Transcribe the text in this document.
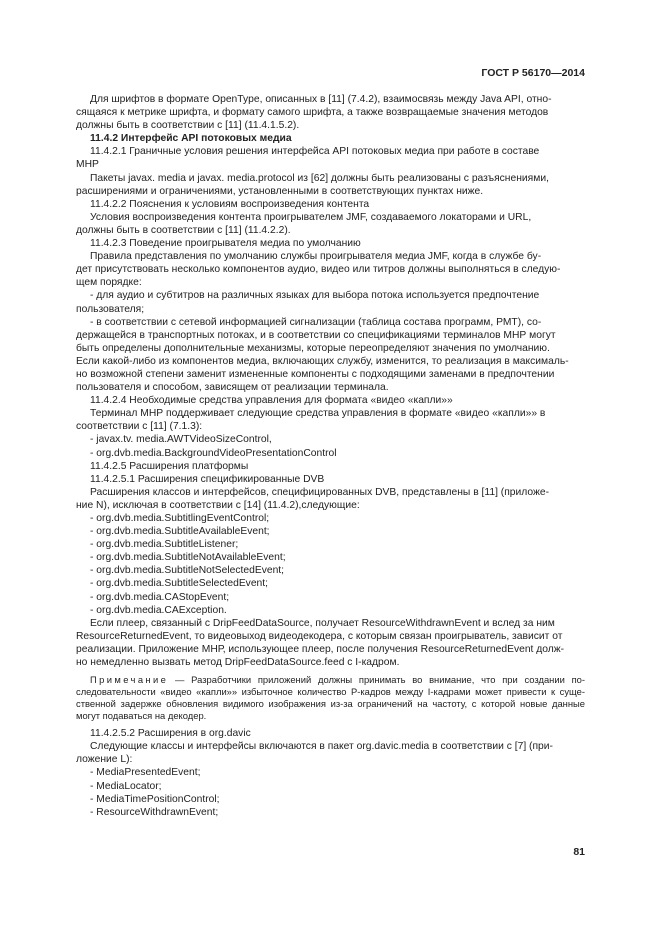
ГОСТ Р 56170—2014
Для шрифтов в формате OpenType, описанных в [11] (7.4.2), взаимосвязь между Java API, отно-
сящаяся к метрике шрифта, и формату самого шрифта, а также возвращаемые значения методов
должны быть в соответствии с [11] (11.4.1.5.2).
11.4.2 Интерфейс API потоковых медиа
11.4.2.1 Граничные условия решения интерфейса API потоковых медиа при работе в составе
МНР
Пакеты javax. media и javax. media.protocol из [62] должны быть реализованы с разъяснениями,
расширениями и ограничениями, установленными в соответствующих пунктах ниже.
11.4.2.2 Пояснения к условиям воспроизведения контента
Условия воспроизведения контента проигрывателем JMF, создаваемого локаторами и URL,
должны быть в соответствии с [11] (11.4.2.2).
11.4.2.3 Поведение проигрывателя медиа по умолчанию
Правила представления по умолчанию службы проигрывателя медиа JMF, когда в службе бу-
дет присутствовать несколько компонентов аудио, видео или титров должны выполняться в следую-
щем порядке:
- для аудио и субтитров на различных языках для выбора потока используется предпочтение
пользователя;
- в соответствии с сетевой информацией сигнализации (таблица состава программ, РМТ), со-
держащейся в транспортных потоках, и в соответствии со спецификациями терминалов МНР могут
быть определены дополнительные механизмы, которые переопределяют значения по умолчанию.
Если какой-либо из компонентов медиа, включающих службу, изменится, то реализация в максималь-
но возможной степени заменит измененные компоненты с подходящими заменами в предпочтении
пользователя и способом, зависящем от реализации терминала.
11.4.2.4 Необходимые средства управления для формата «видео «капли»»
Терминал МНР поддерживает следующие средства управления в формате «видео «капли»» в
соответствии с [11] (7.1.3):
- javax.tv. media.AWTVideoSizeControl,
- org.dvb.media.BackgroundVideoPresentationControl
11.4.2.5 Расширения платформы
11.4.2.5.1 Расширения спецификированные DVB
Расширения классов и интерфейсов, специфицированных DVB, представлены в [11] (приложе-
ние N), исключая в соответствии с [14] (11.4.2),следующие:
- org.dvb.media.SubtitlingEventControl;
- org.dvb.media.SubtitleAvailableEvent;
- org.dvb.media.SubtitleListener;
- org.dvb.media.SubtitleNotAvailableEvent;
- org.dvb.media.SubtitleNotSelectedEvent;
- org.dvb.media.SubtitleSelectedEvent;
- org.dvb.media.CAStopEvent;
- org.dvb.media.CAException.
Если плеер, связанный с DripFeedDataSource, получает ResourceWithdrawnEvent и вслед за ним
ResourceReturnedEvent, то видеовыход видеодекодера, с которым связан проигрыватель, зависит от
реализации. Приложение МНР, использующее плеер, после получения ResourceReturnedEvent долж-
но немедленно вызвать метод DripFeedDataSource.feed с I-кадром.
Примечание — Разработчики приложений должны принимать во внимание, что при создании по-следовательности «видео «капли»» избыточное количество Р-кадров между I-кадрами может привести к суще-ственной задержке обновления видимого изображения из-за ограничений на частоту, с которой новые данные могут подаваться на декодер.
11.4.2.5.2 Расширения в org.davic
Следующие классы и интерфейсы включаются в пакет org.davic.media в соответствии с [7] (при-
ложение L):
- MediaPresentedEvent;
- MediaLocator;
- MediaTimePositionControl;
- ResourceWithdrawnEvent;
81
